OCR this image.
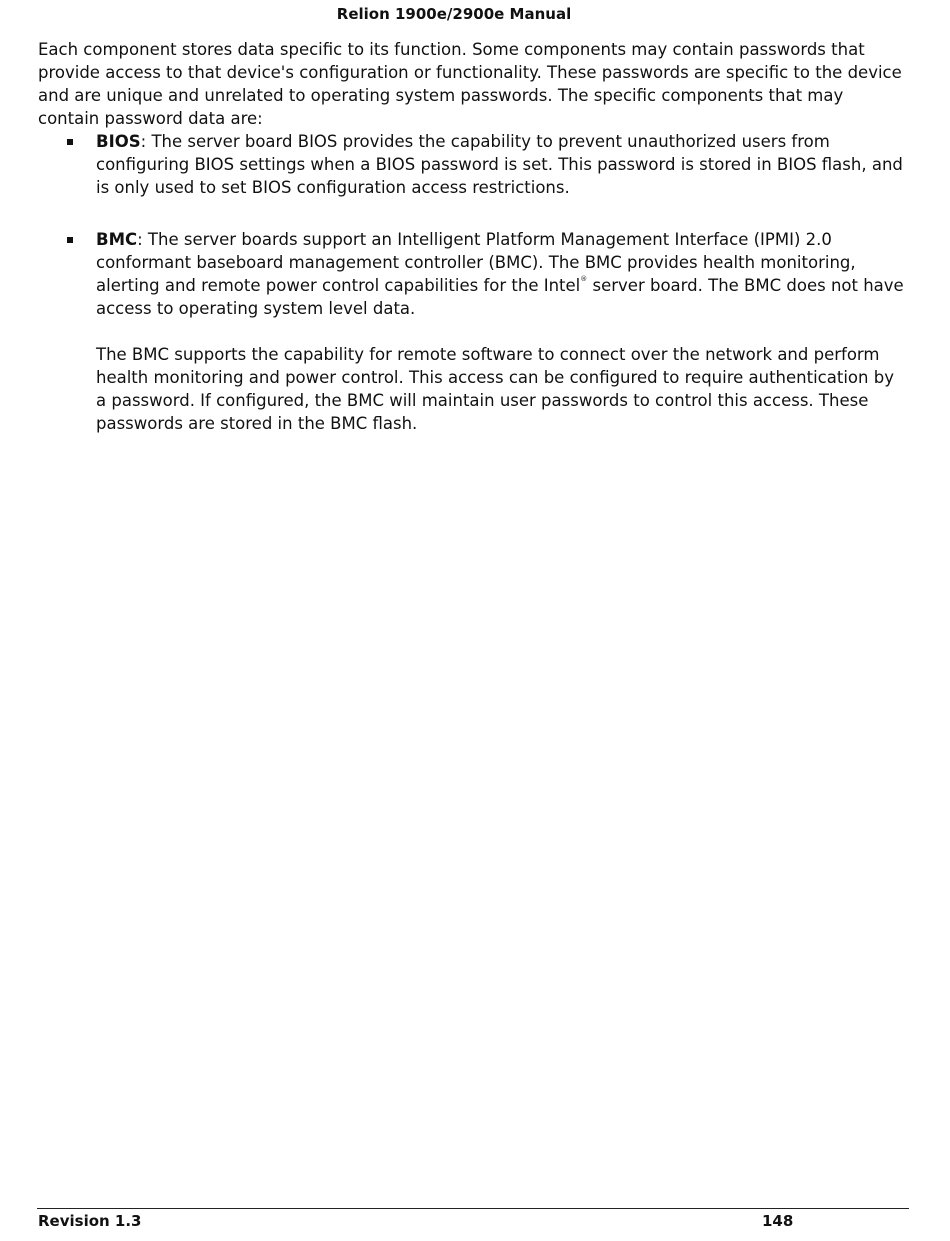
Relion 1900e/2900e Manual

Each component stores data specific to its function. Some components may contain passwords that provide access to that device's configuration or functionality. These passwords are specific to the device and are unique and unrelated to operating system passwords. The specific components that may contain password data are:

BIOS: The server board BIOS provides the capability to prevent unauthorized users from configuring BIOS settings when a BIOS password is set. This password is stored in BIOS flash, and is only used to set BIOS configuration access restrictions.

BMC: The server boards support an Intelligent Platform Management Interface (IPMI) 2.0 conformant baseboard management controller (BMC). The BMC provides health monitoring, alerting and remote power control capabilities for the Intel® server board. The BMC does not have access to operating system level data.

The BMC supports the capability for remote software to connect over the network and perform health monitoring and power control. This access can be configured to require authentication by a password. If configured, the BMC will maintain user passwords to control this access. These passwords are stored in the BMC flash.

Revision 1.3	148
